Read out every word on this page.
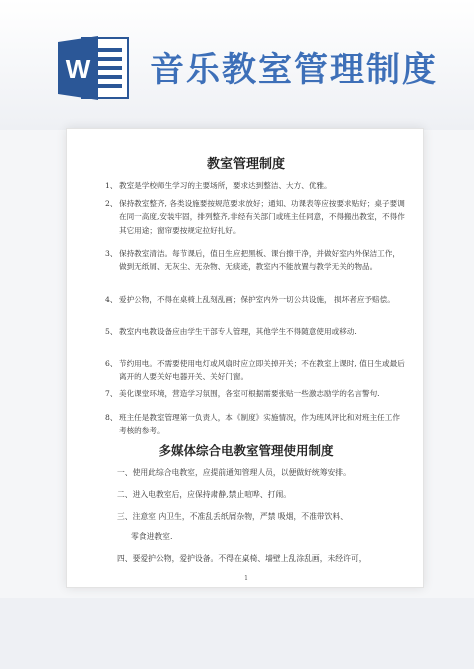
W 音乐教室管理制度
教室管理制度
1、 教室是学校师生学习的主要场所，要求达到整洁、大方、优雅。
2、 保持教室整齐, 各类设施要按规范要求放好；通知、功课表等应按要求贴好；桌子要调 在同一高度,安装牢固，排列整齐,非经有关部门或班主任同意，不得搬出教室，不得作其它用途；窗帘要按规定拉好扎好。
3、 保持教室清洁。每节课后，值日生应把黑板、课台擦干净，并做好室内外保洁工作，做到无纸屑、无灰尘、无杂物、无痰迹，教室内不能放置与教学无关的物品。
4、 爱护公物，不得在桌椅上乱刻乱画；保护室内外一切公共设施， 损坏者应予赔偿。
5、 教室内电教设备应由学生干部专人管理，其他学生不得随意使用或移动.
6、 节约用电。不需要使用电灯或风扇时应立即关掉开关；不在教室上课时, 值日生或最后离开的人要关好电器开关、关好门窗。
7、 美化课堂环境，营造学习氛围，各室可根据需要张贴一些激志励学的名言警句.
8、 班主任是教室管理第一负责人，本《制度》实施情况，作为班风评比和对班主任工作考核的参考。
多媒体综合电教室管理使用制度
一、使用此综合电教室，应提前通知管理人员，以便做好统筹安排。
二、进入电教室后，应保持肃静,禁止喧哗、打闹。
三、注意室 内卫生，不准乱丢纸屑杂物，严禁 吸烟，不准带饮料、
零食进教室.
四、要爱护公物，爱护设备。不得在桌椅、墙壁上乱涂乱画，未经许可，
1
